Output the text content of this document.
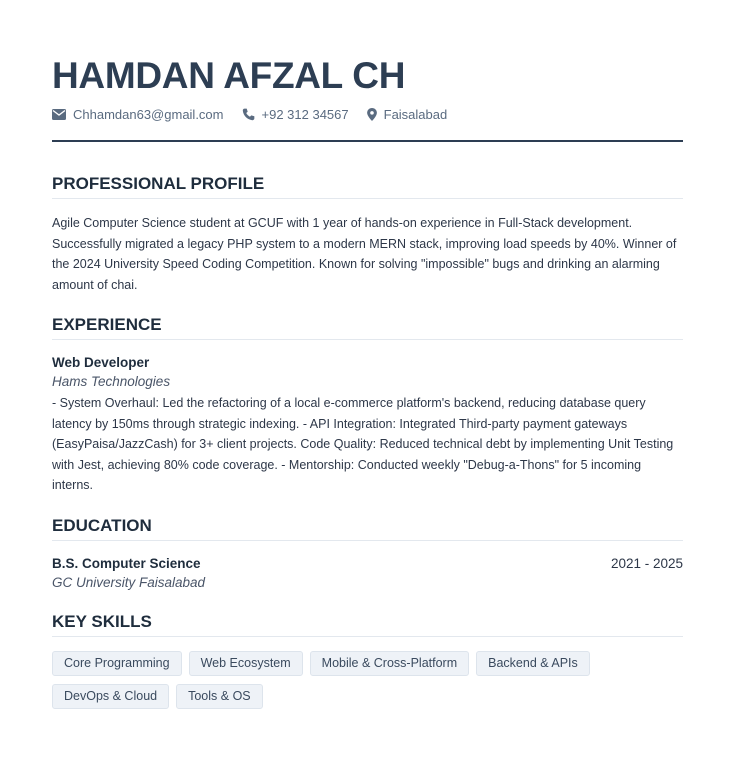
HAMDAN AFZAL CH
Chhamdan63@gmail.com	+92 312 34567	Faisalabad
PROFESSIONAL PROFILE

Agile Computer Science student at GCUF with 1 year of hands-on experience in Full-Stack development. Successfully migrated a legacy PHP system to a modern MERN stack, improving load speeds by 40%. Winner of the 2024 University Speed Coding Competition. Known for solving "impossible" bugs and drinking an alarming amount of chai.

EXPERIENCE
Web Developer
Hams Technologies

- System Overhaul: Led the refactoring of a local e-commerce platform's backend, reducing database query latency by 150ms through strategic indexing. - API Integration: Integrated Third-party payment gateways (EasyPaisa/JazzCash) for 3+ client projects. Code Quality: Reduced technical debt by implementing Unit Testing with Jest, achieving 80% code coverage. - Mentorship: Conducted weekly "Debug-a-Thons" for 5 incoming interns.

EDUCATION
B.S. Computer Science	2021 - 2025
GC University Faisalabad
KEY SKILLS
Core Programming	Web Ecosystem	Mobile & Cross-Platform	Backend & APIs
DevOps & Cloud	Tools & OS
